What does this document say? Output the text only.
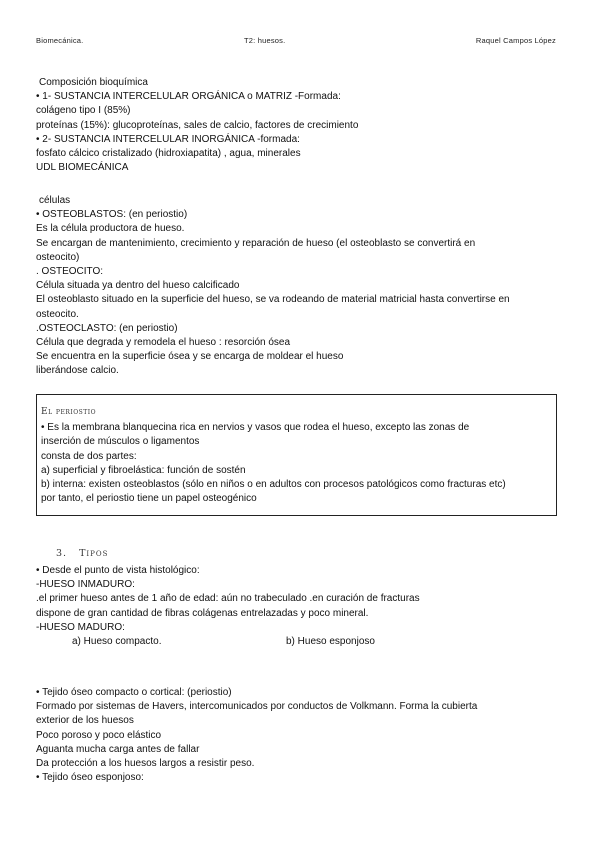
Biomecánica.	T2: huesos.	Raquel Campos López

Composición bioquímica

• 1- SUSTANCIA INTERCELULAR ORGÁNICA o MATRIZ -Formada:

colágeno tipo I (85%)

proteínas (15%): glucoproteínas, sales de calcio, factores de crecimiento

• 2- SUSTANCIA INTERCELULAR INORGÁNICA -formada:

fosfato cálcico cristalizado (hidroxiapatita) , agua, minerales

UDL BIOMECÁNICA

células

• OSTEOBLASTOS: (en periostio)

Es la célula productora de hueso.

Se encargan de mantenimiento, crecimiento y reparación de hueso (el osteoblasto se convertirá en

osteocito)

. OSTEOCITO:

Célula situada ya dentro del hueso calcificado

El osteoblasto situado en la superficie del hueso, se va rodeando de material matricial hasta convertirse en

osteocito.

.OSTEOCLASTO: (en periostio)

Célula que degrada y remodela el hueso : resorción ósea

Se encuentra en la superficie ósea y se encarga de moldear el hueso

liberándose calcio.

El periostio

• Es la membrana blanquecina rica en nervios y vasos que rodea el hueso, excepto las zonas de

inserción de músculos o ligamentos

consta de dos partes:

a) superficial y fibroelástica: función de sostén

b) interna: existen osteoblastos (sólo en niños o en adultos con procesos patológicos como fracturas etc)

por tanto, el periostio tiene un papel osteogénico

3. Tipos

• Desde el punto de vista histológico:

-HUESO INMADURO:

.el primer hueso antes de 1 año de edad: aún no trabeculado .en curación de fracturas

dispone de gran cantidad de fibras colágenas entrelazadas y poco mineral.

-HUESO MADURO:

a) Hueso compacto.	b) Hueso esponjoso

• Tejido óseo compacto o cortical: (periostio)

Formado por sistemas de Havers, intercomunicados por conductos de Volkmann. Forma la cubierta

exterior de los huesos

Poco poroso y poco elástico

Aguanta mucha carga antes de fallar

Da protección a los huesos largos a resistir peso.

• Tejido óseo esponjoso:
